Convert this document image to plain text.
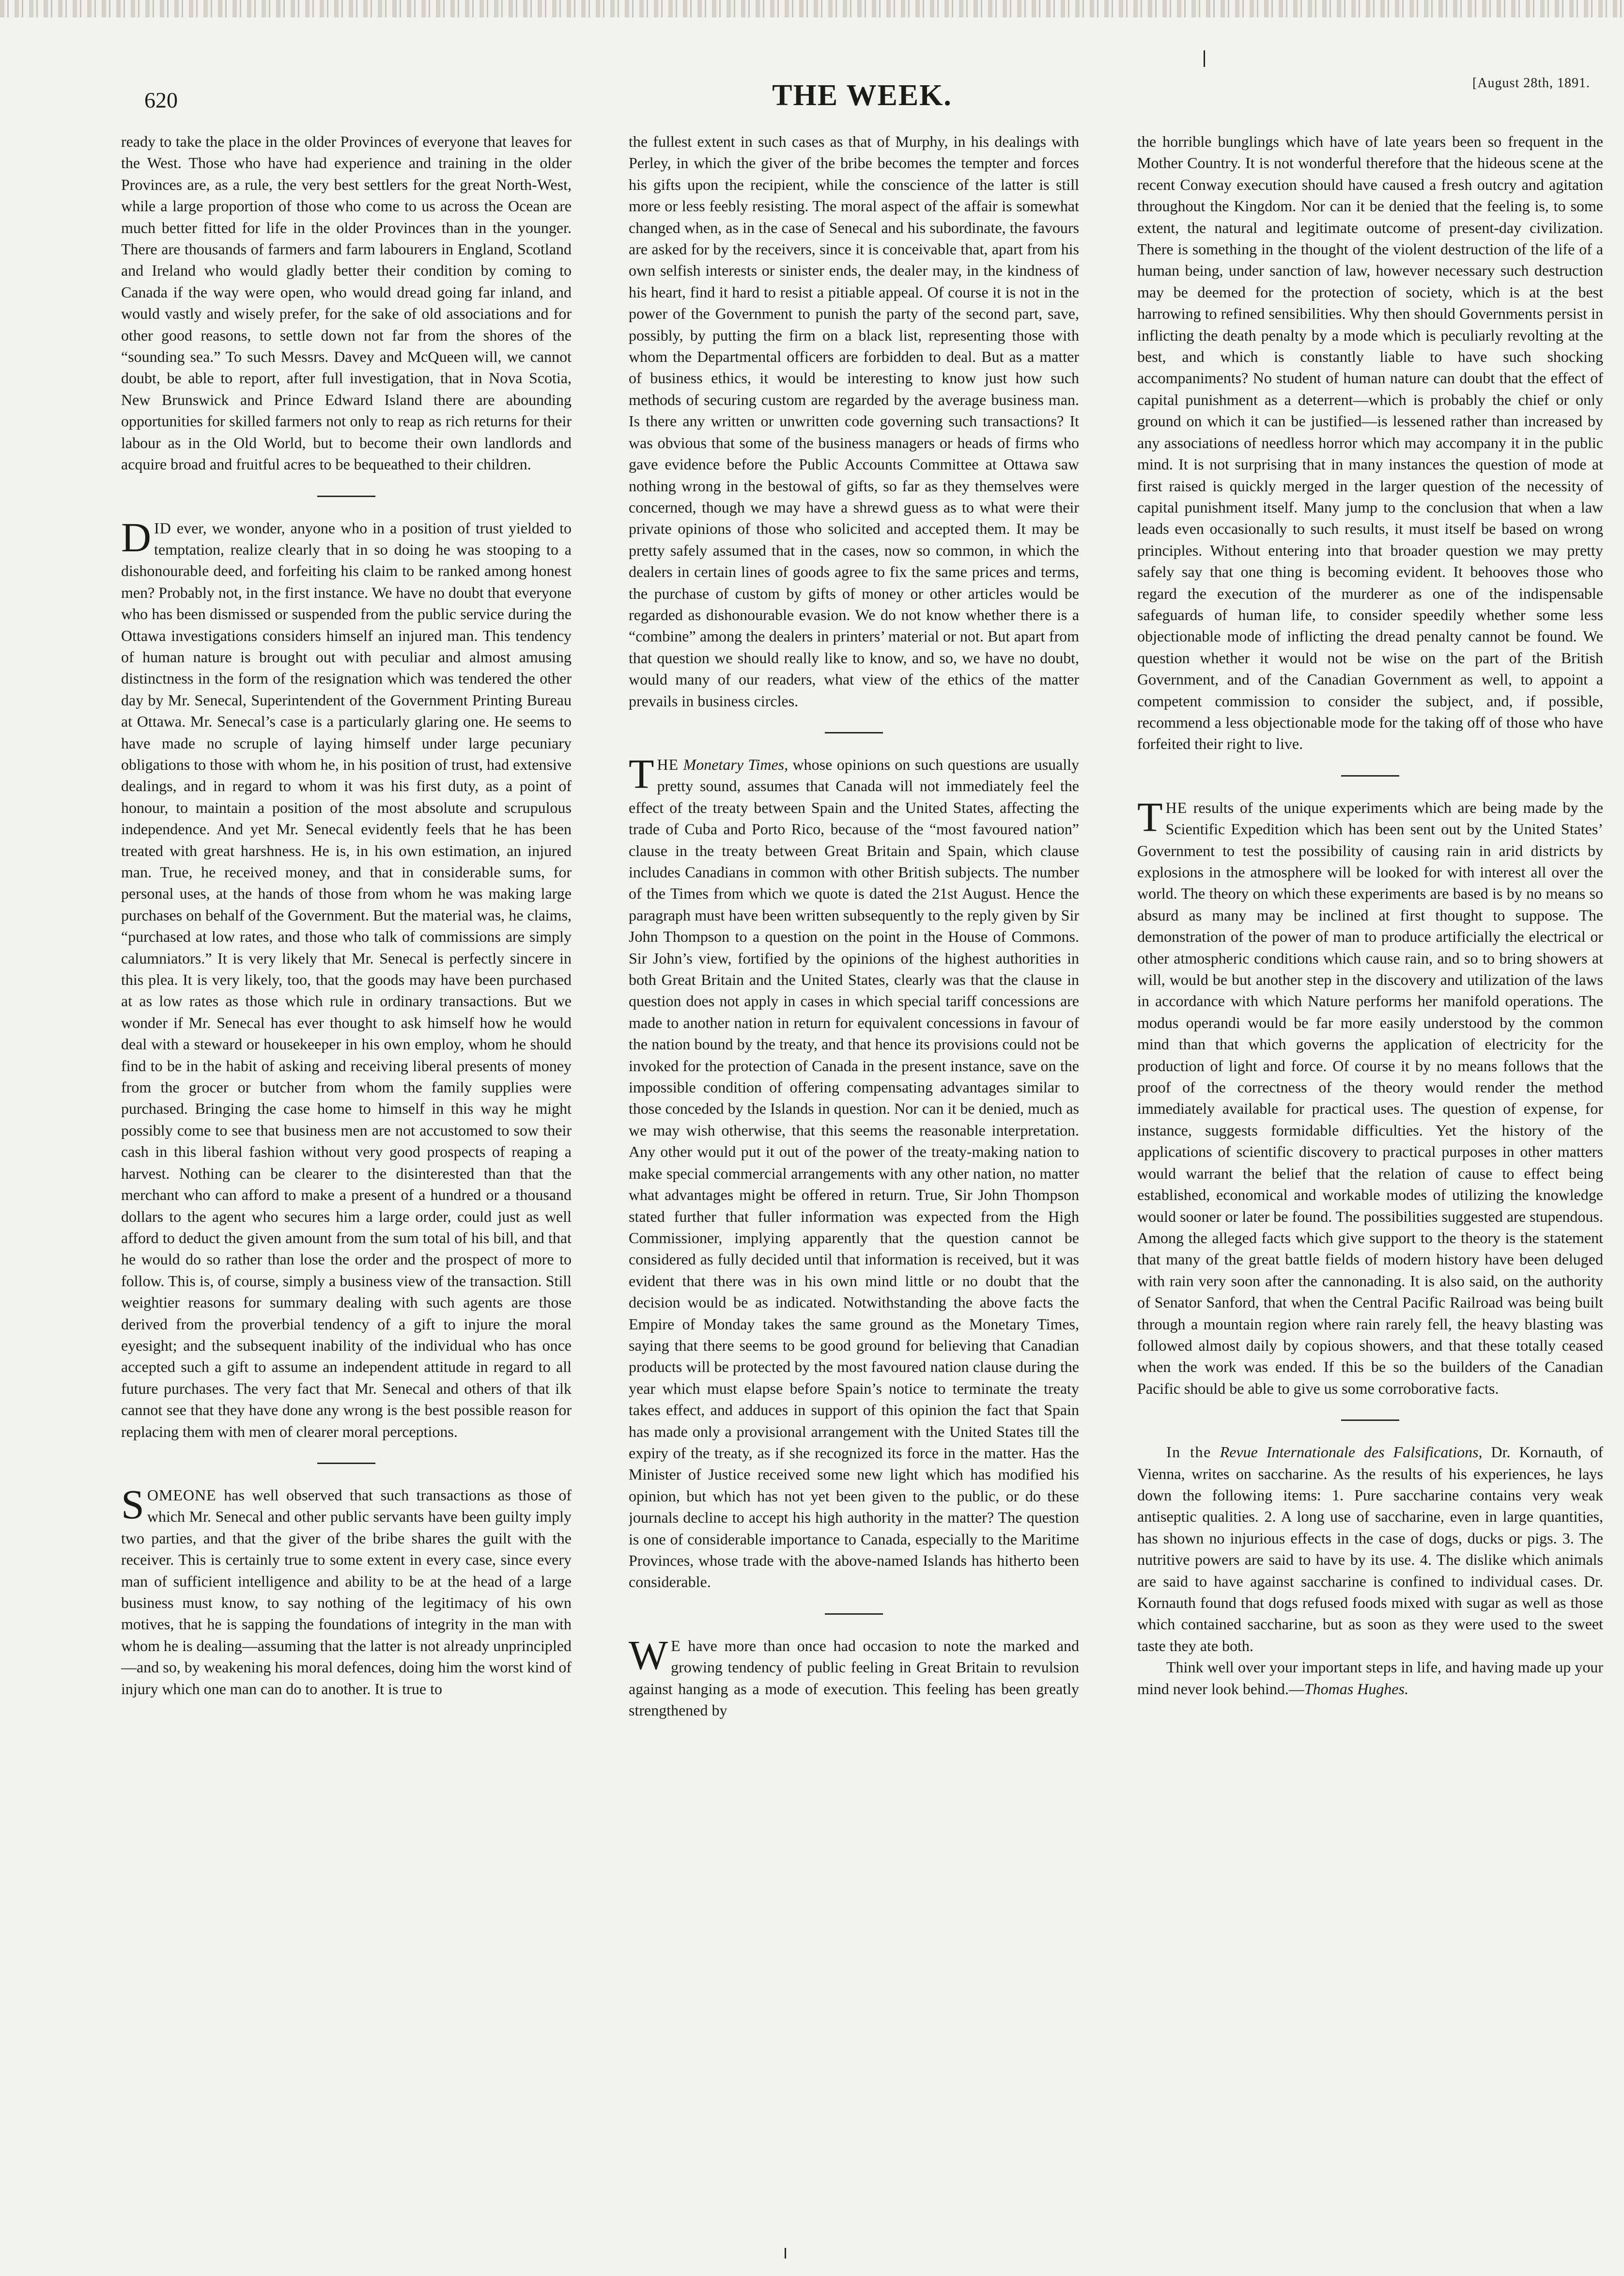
620	THE WEEK.	[August 28th, 1891.

ready to take the place in the older Provinces of everyone that leaves for the West. Those who have had experience and training in the older Provinces are, as a rule, the very best settlers for the great North-West, while a large proportion of those who come to us across the Ocean are much better fitted for life in the older Provinces than in the younger. There are thousands of farmers and farm labourers in England, Scotland and Ireland who would gladly better their condition by coming to Canada if the way were open, who would dread going far inland, and would vastly and wisely prefer, for the sake of old associations and for other good reasons, to settle down not far from the shores of the “sounding sea.” To such Messrs. Davey and McQueen will, we cannot doubt, be able to report, after full investigation, that in Nova Scotia, New Brunswick and Prince Edward Island there are abounding opportunities for skilled farmers not only to reap as rich returns for their labour as in the Old World, but to become their own landlords and acquire broad and fruitful acres to be bequeathed to their children.

DID ever, we wonder, anyone who in a position of trust yielded to temptation, realize clearly that in so doing he was stooping to a dishonourable deed, and forfeiting his claim to be ranked among honest men? Probably not, in the first instance. We have no doubt that everyone who has been dismissed or suspended from the public service during the Ottawa investigations considers himself an injured man. This tendency of human nature is brought out with peculiar and almost amusing distinctness in the form of the resignation which was tendered the other day by Mr. Senecal, Superintendent of the Government Printing Bureau at Ottawa. Mr. Senecal’s case is a particularly glaring one. He seems to have made no scruple of laying himself under large pecuniary obligations to those with whom he, in his position of trust, had extensive dealings, and in regard to whom it was his first duty, as a point of honour, to maintain a position of the most absolute and scrupulous independence. And yet Mr. Senecal evidently feels that he has been treated with great harshness. He is, in his own estimation, an injured man. True, he received money, and that in considerable sums, for personal uses, at the hands of those from whom he was making large purchases on behalf of the Government. But the material was, he claims, “purchased at low rates, and those who talk of commissions are simply calumniators.” It is very likely that Mr. Senecal is perfectly sincere in this plea. It is very likely, too, that the goods may have been purchased at as low rates as those which rule in ordinary transactions. But we wonder if Mr. Senecal has ever thought to ask himself how he would deal with a steward or housekeeper in his own employ, whom he should find to be in the habit of asking and receiving liberal presents of money from the grocer or butcher from whom the family supplies were purchased. Bringing the case home to himself in this way he might possibly come to see that business men are not accustomed to sow their cash in this liberal fashion without very good prospects of reaping a harvest. Nothing can be clearer to the disinterested than that the merchant who can afford to make a present of a hundred or a thousand dollars to the agent who secures him a large order, could just as well afford to deduct the given amount from the sum total of his bill, and that he would do so rather than lose the order and the prospect of more to follow. This is, of course, simply a business view of the transaction. Still weightier reasons for summary dealing with such agents are those derived from the proverbial tendency of a gift to injure the moral eyesight; and the subsequent inability of the individual who has once accepted such a gift to assume an independent attitude in regard to all future purchases. The very fact that Mr. Senecal and others of that ilk cannot see that they have done any wrong is the best possible reason for replacing them with men of clearer moral perceptions.

SOMEONE has well observed that such transactions as those of which Mr. Senecal and other public servants have been guilty imply two parties, and that the giver of the bribe shares the guilt with the receiver. This is certainly true to some extent in every case, since every man of sufficient intelligence and ability to be at the head of a large business must know, to say nothing of the legitimacy of his own motives, that he is sapping the foundations of integrity in the man with whom he is dealing—assuming that the latter is not already unprincipled—and so, by weakening his moral defences, doing him the worst kind of injury which one man can do to another. It is true to

the fullest extent in such cases as that of Murphy, in his dealings with Perley, in which the giver of the bribe becomes the tempter and forces his gifts upon the recipient, while the conscience of the latter is still more or less feebly resisting. The moral aspect of the affair is somewhat changed when, as in the case of Senecal and his subordinate, the favours are asked for by the receivers, since it is conceivable that, apart from his own selfish interests or sinister ends, the dealer may, in the kindness of his heart, find it hard to resist a pitiable appeal. Of course it is not in the power of the Government to punish the party of the second part, save, possibly, by putting the firm on a black list, representing those with whom the Departmental officers are forbidden to deal. But as a matter of business ethics, it would be interesting to know just how such methods of securing custom are regarded by the average business man. Is there any written or unwritten code governing such transactions? It was obvious that some of the business managers or heads of firms who gave evidence before the Public Accounts Committee at Ottawa saw nothing wrong in the bestowal of gifts, so far as they themselves were concerned, though we may have a shrewd guess as to what were their private opinions of those who solicited and accepted them. It may be pretty safely assumed that in the cases, now so common, in which the dealers in certain lines of goods agree to fix the same prices and terms, the purchase of custom by gifts of money or other articles would be regarded as dishonourable evasion. We do not know whether there is a “combine” among the dealers in printers’ material or not. But apart from that question we should really like to know, and so, we have no doubt, would many of our readers, what view of the ethics of the matter prevails in business circles.

THE Monetary Times, whose opinions on such questions are usually pretty sound, assumes that Canada will not immediately feel the effect of the treaty between Spain and the United States, affecting the trade of Cuba and Porto Rico, because of the “most favoured nation” clause in the treaty between Great Britain and Spain, which clause includes Canadians in common with other British subjects. The number of the Times from which we quote is dated the 21st August. Hence the paragraph must have been written subsequently to the reply given by Sir John Thompson to a question on the point in the House of Commons. Sir John’s view, fortified by the opinions of the highest authorities in both Great Britain and the United States, clearly was that the clause in question does not apply in cases in which special tariff concessions are made to another nation in return for equivalent concessions in favour of the nation bound by the treaty, and that hence its provisions could not be invoked for the protection of Canada in the present instance, save on the impossible condition of offering compensating advantages similar to those conceded by the Islands in question. Nor can it be denied, much as we may wish otherwise, that this seems the reasonable interpretation. Any other would put it out of the power of the treaty-making nation to make special commercial arrangements with any other nation, no matter what advantages might be offered in return. True, Sir John Thompson stated further that fuller information was expected from the High Commissioner, implying apparently that the question cannot be considered as fully decided until that information is received, but it was evident that there was in his own mind little or no doubt that the decision would be as indicated. Notwithstanding the above facts the Empire of Monday takes the same ground as the Monetary Times, saying that there seems to be good ground for believing that Canadian products will be protected by the most favoured nation clause during the year which must elapse before Spain’s notice to terminate the treaty takes effect, and adduces in support of this opinion the fact that Spain has made only a provisional arrangement with the United States till the expiry of the treaty, as if she recognized its force in the matter. Has the Minister of Justice received some new light which has modified his opinion, but which has not yet been given to the public, or do these journals decline to accept his high authority in the matter? The question is one of considerable importance to Canada, especially to the Maritime Provinces, whose trade with the above-named Islands has hitherto been considerable.

W E have more than once had occasion to note the marked and growing tendency of public feeling in Great Britain to revulsion against hanging as a mode of execution. This feeling has been greatly strengthened by

the horrible bunglings which have of late years been so frequent in the Mother Country. It is not wonderful therefore that the hideous scene at the recent Conway execution should have caused a fresh outcry and agitation throughout the Kingdom. Nor can it be denied that the feeling is, to some extent, the natural and legitimate outcome of present-day civilization. There is something in the thought of the violent destruction of the life of a human being, under sanction of law, however necessary such destruction may be deemed for the protection of society, which is at the best harrowing to refined sensibilities. Why then should Governments persist in inflicting the death penalty by a mode which is peculiarly revolting at the best, and which is constantly liable to have such shocking accompaniments? No student of human nature can doubt that the effect of capital punishment as a deterrent—which is probably the chief or only ground on which it can be justified—is lessened rather than increased by any associations of needless horror which may accompany it in the public mind. It is not surprising that in many instances the question of mode at first raised is quickly merged in the larger question of the necessity of capital punishment itself. Many jump to the conclusion that when a law leads even occasionally to such results, it must itself be based on wrong principles. Without entering into that broader question we may pretty safely say that one thing is becoming evident. It behooves those who regard the execution of the murderer as one of the indispensable safeguards of human life, to consider speedily whether some less objectionable mode of inflicting the dread penalty cannot be found. We question whether it would not be wise on the part of the British Government, and of the Canadian Government as well, to appoint a competent commission to consider the subject, and, if possible, recommend a less objectionable mode for the taking off of those who have forfeited their right to live.

THE results of the unique experiments which are being made by the Scientific Expedition which has been sent out by the United States’ Government to test the possibility of causing rain in arid districts by explosions in the atmosphere will be looked for with interest all over the world. The theory on which these experiments are based is by no means so absurd as many may be inclined at first thought to suppose. The demonstration of the power of man to produce artificially the electrical or other atmospheric conditions which cause rain, and so to bring showers at will, would be but another step in the discovery and utilization of the laws in accordance with which Nature performs her manifold operations. The modus operandi would be far more easily understood by the common mind than that which governs the application of electricity for the production of light and force. Of course it by no means follows that the proof of the correctness of the theory would render the method immediately available for practical uses. The question of expense, for instance, suggests formidable difficulties. Yet the history of the applications of scientific discovery to practical purposes in other matters would warrant the belief that the relation of cause to effect being established, economical and workable modes of utilizing the knowledge would sooner or later be found. The possibilities suggested are stupendous. Among the alleged facts which give support to the theory is the statement that many of the great battle fields of modern history have been deluged with rain very soon after the cannonading. It is also said, on the authority of Senator Sanford, that when the Central Pacific Railroad was being built through a mountain region where rain rarely fell, the heavy blasting was followed almost daily by copious showers, and that these totally ceased when the work was ended. If this be so the builders of the Canadian Pacific should be able to give us some corroborative facts.

In the Revue Internationale des Falsifications, Dr. Kornauth, of Vienna, writes on saccharine. As the results of his experiences, he lays down the following items: 1. Pure saccharine contains very weak antiseptic qualities. 2. A long use of saccharine, even in large quantities, has shown no injurious effects in the case of dogs, ducks or pigs. 3. The nutritive powers are said to have by its use. 4. The dislike which animals are said to have against saccharine is confined to individual cases. Dr. Kornauth found that dogs refused foods mixed with sugar as well as those which contained saccharine, but as soon as they were used to the sweet taste they ate both.

Think well over your important steps in life, and having made up your mind never look behind.—Thomas Hughes.
